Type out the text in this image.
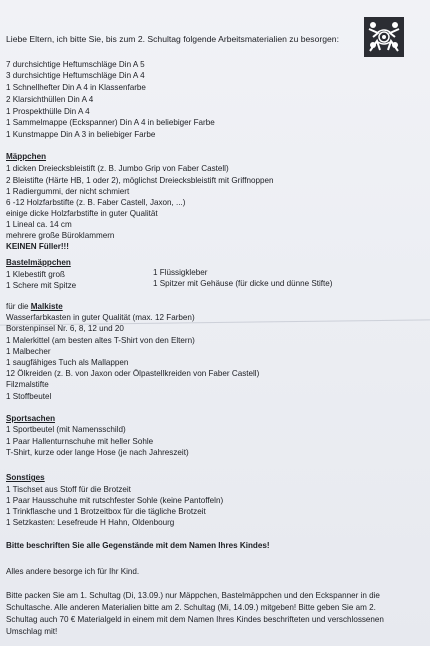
Liebe Eltern, ich bitte Sie, bis zum 2. Schultag folgende Arbeitsmaterialien zu besorgen:
7 durchsichtige Heftumschläge Din A 5
3 durchsichtige Heftumschläge Din A 4
1 Schnellhefter Din A 4 in Klassenfarbe
2 Klarsichthüllen Din A 4
1 Prospekthülle Din A 4
1 Sammelmappe (Eckspanner) Din A 4 in beliebiger Farbe
1 Kunstmappe Din A 3 in beliebiger Farbe
Mäppchen
1 dicken Dreiecksbleistift (z. B. Jumbo Grip von Faber Castell)
2 Bleistifte (Härte HB, 1 oder 2), möglichst Dreiecksbleistift mit Griffnoppen
1 Radiergummi, der nicht schmiert
6 -12 Holzfarbstifte (z. B. Faber Castell, Jaxon, ...)
einige dicke Holzfarbstifte in guter Qualität
1 Lineal ca. 14 cm
mehrere große Büroklammern
KEINEN Füller!!!
Bastelmäppchen
1 Klebestift groß
1 Schere mit Spitze
1 Flüssigkleber
1 Spitzer mit Gehäuse (für dicke und dünne Stifte)
für die Malkiste
Wasserfarbkasten in guter Qualität (max. 12 Farben)
Borstenpinsel Nr. 6, 8, 12 und 20
1 Malerkittel (am besten altes T-Shirt von den Eltern)
1 Malbecher
1 saugfähiges Tuch als Mallappen
12 Ölkreiden (z. B. von Jaxon oder Ölpastellkreiden von Faber Castell)
Filzmalstifte
1 Stoffbeutel
Sportsachen
1 Sportbeutel (mit Namensschild)
1 Paar Hallenturnschuhe mit heller Sohle
T-Shirt, kurze oder lange Hose (je nach Jahreszeit)
Sonstiges
1 Tischset aus Stoff für die Brotzeit
1 Paar Hausschuhe mit rutschfester Sohle (keine Pantoffeln)
1 Trinkflasche und 1 Brotzeitbox für die tägliche Brotzeit
1 Setzkasten: Lesefreude H Hahn, Oldenbourg
Bitte beschriften Sie alle Gegenstände mit dem Namen Ihres Kindes!
Alles andere besorge ich für Ihr Kind.
Bitte packen Sie am 1. Schultag (Di, 13.09.) nur Mäppchen, Bastelmäppchen und den Eckspanner in die
Schultasche. Alle anderen Materialien bitte am 2. Schultag (Mi, 14.09.) mitgeben! Bitte geben Sie am 2.
Schultag auch 70 € Materialgeld in einem mit dem Namen Ihres Kindes beschrifteten und verschlossenen
Umschlag mit!
